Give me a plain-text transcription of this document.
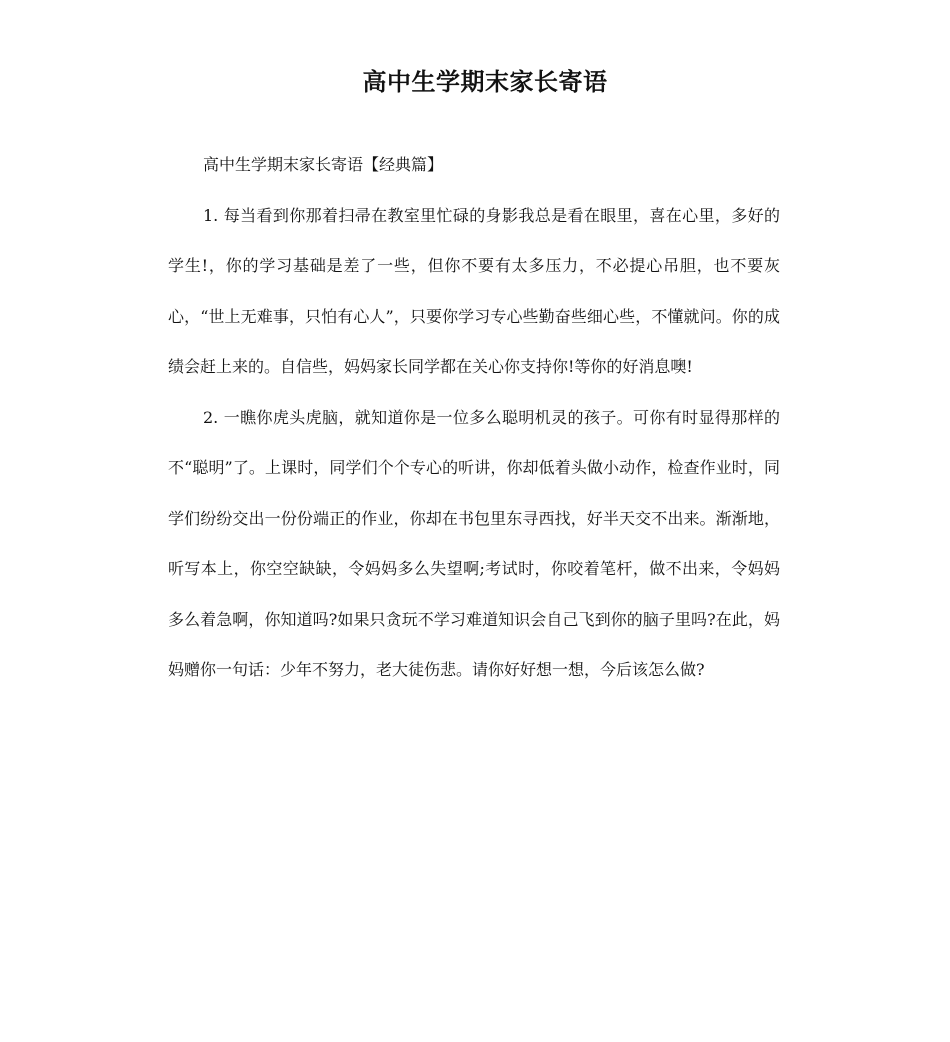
高中生学期末家长寄语

高中生学期末家长寄语【经典篇】

1. 每当看到你那着扫帚在教室里忙碌的身影我总是看在眼里，喜在心里，多好的学生!，你的学习基础是差了一些，但你不要有太多压力，不必提心吊胆，也不要灰心，“世上无难事，只怕有心人”，只要你学习专心些勤奋些细心些，不懂就问。你的成绩会赶上来的。自信些，妈妈家长同学都在关心你支持你!等你的好消息噢!

2. 一瞧你虎头虎脑，就知道你是一位多么聪明机灵的孩子。可你有时显得那样的不“聪明”了。上课时，同学们个个专心的听讲，你却低着头做小动作，检查作业时，同学们纷纷交出一份份端正的作业，你却在书包里东寻西找，好半天交不出来。渐渐地，听写本上，你空空缺缺，令妈妈多么失望啊;考试时，你咬着笔杆，做不出来，令妈妈多么着急啊，你知道吗?如果只贪玩不学习难道知识会自己飞到你的脑子里吗?在此，妈妈赠你一句话：少年不努力，老大徒伤悲。请你好好想一想，今后该怎么做?
